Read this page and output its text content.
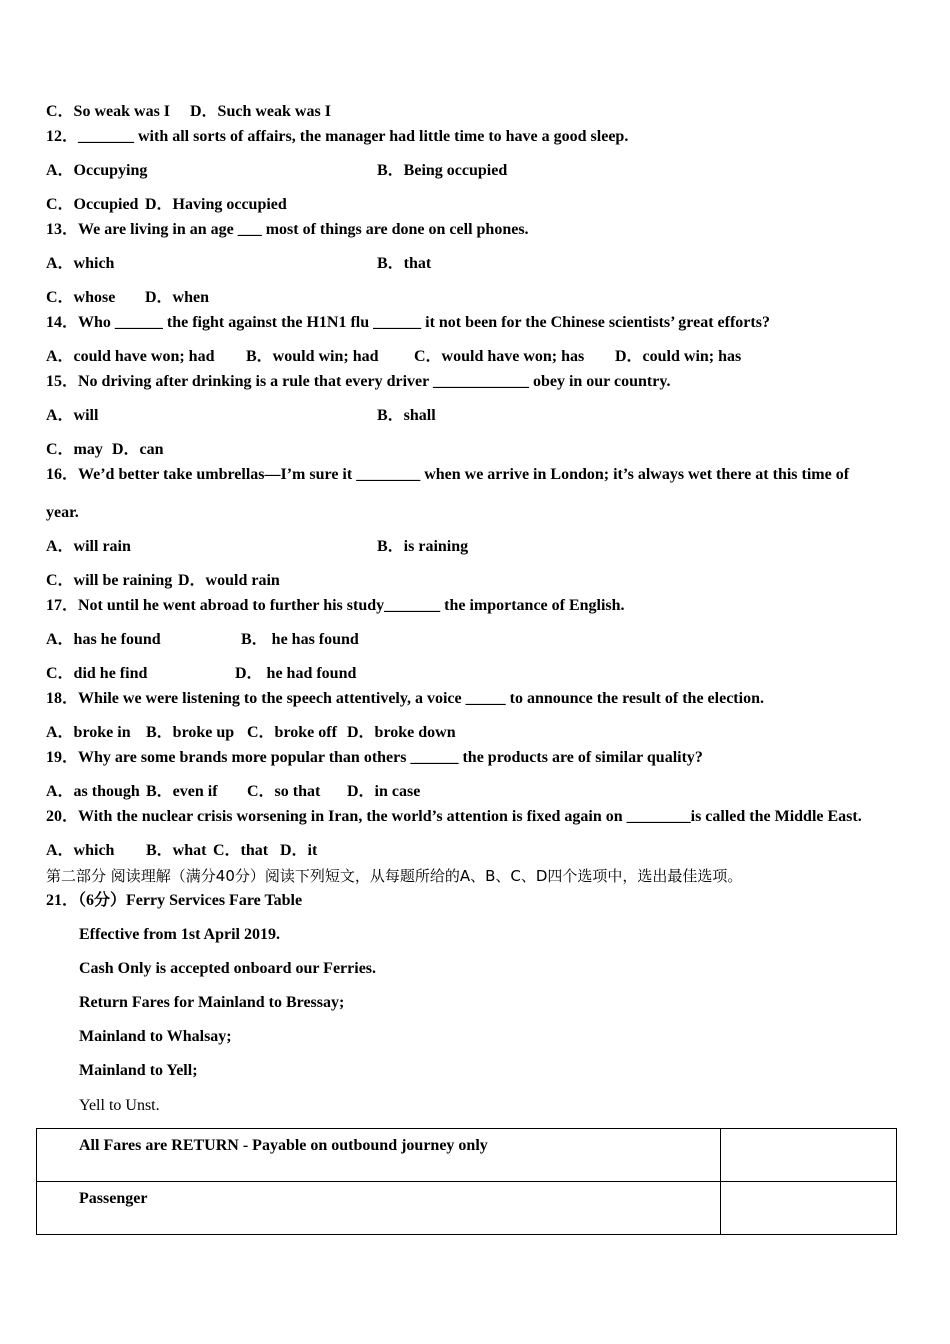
C．So weak was I D．Such weak was I
12．_______ with all sorts of affairs, the manager had little time to have a good sleep.
A．Occupying	B．Being occupied
C．Occupied D．Having occupied
13．We are living in an age ___ most of things are done on cell phones.
A．which	B．that
C．whose D．when
14．Who ______ the fight against the H1N1 flu ______ it not been for the Chinese scientists’ great efforts?
A．could have won; had B．would win; had C．would have won; has D．could win; has
15．No driving after drinking is a rule that every driver ____________ obey in our country.
A．will	B．shall
C．may D．can
16．We’d better take umbrellas—I’m sure it ________ when we arrive in London; it’s always wet there at this time of
year.
A．will rain	B．is raining
C．will be raining D．would rain
17．Not until he went abroad to further his study_______ the importance of English.
A．has he found	B． he has found
C．did he find	D． he had found
18．While we were listening to the speech attentively, a voice _____ to announce the result of the election.
A．broke in B．broke up C．broke off D．broke down
19．Why are some brands more popular than others ______ the products are of similar quality?
A．as though B．even if C．so that D．in case
20．With the nuclear crisis worsening in Iran, the world’s attention is fixed again on ________is called the Middle East.
A．which B．what C．that D．it
第二部分 阅读理解（满分40分）阅读下列短文，从每题所给的A、B、C、D四个选项中，选出最佳选项。
21．（6分）Ferry Services Fare Table
Effective from 1st April 2019.
Cash Only is accepted onboard our Ferries.
Return Fares for Mainland to Bressay;
Mainland to Whalsay;
Mainland to Yell;
Yell to Unst.
All Fares are RETURN - Payable on outbound journey only	
Passenger	
